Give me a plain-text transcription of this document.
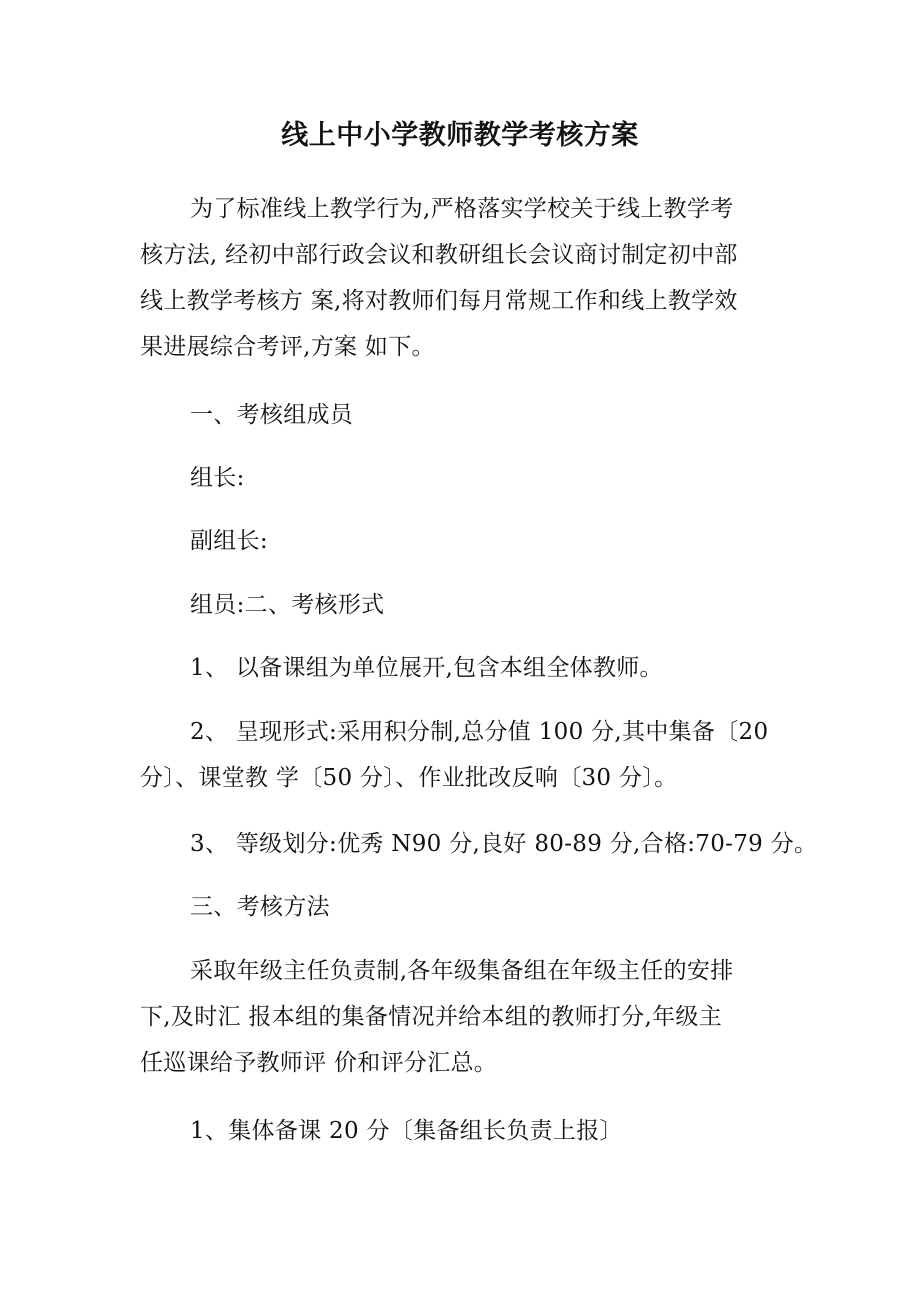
线上中小学教师教学考核方案

为了标准线上教学行为,严格落实学校关于线上教学考
核方法, 经初中部行政会议和教研组长会议商讨制定初中部
线上教学考核方 案,将对教师们每月常规工作和线上教学效
果进展综合考评,方案 如下。

一、考核组成员

组长:

副组长:

组员:二、考核形式

1、 以备课组为单位展开,包含本组全体教师。

2、 呈现形式:采用积分制,总分值 100 分,其中集备〔20
分〕、课堂教 学〔50 分〕、作业批改反响〔30 分〕。

3、 等级划分:优秀 N90 分,良好 80-89 分,合格:70-79 分。

三、考核方法

采取年级主任负责制,各年级集备组在年级主任的安排
下,及时汇 报本组的集备情况并给本组的教师打分,年级主
任巡课给予教师评 价和评分汇总。

1、集体备课 20 分〔集备组长负责上报〕
